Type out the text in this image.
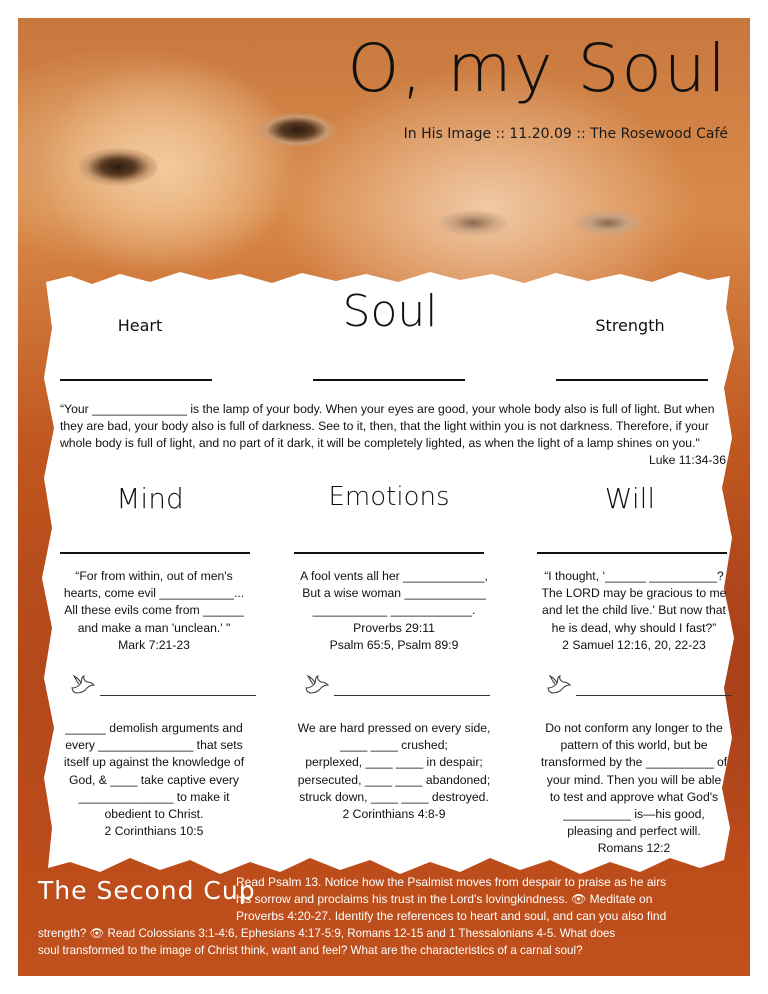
O, my Soul
In His Image :: 11.20.09 :: The Rosewood Café
Heart	Soul	Strength
“Your ______________ is the lamp of your body. When your eyes are good, your whole body also is full of light. But when
they are bad, your body also is full of darkness. See to it, then, that the light within you is not darkness. Therefore, if your
whole body is full of light, and no part of it dark, it will be completely lighted, as when the light of a lamp shines on you."
Luke 11:34-36
Mind	Emotions	Will
“For from within, out of men's
hearts, come evil ___________...
All these evils come from ______
and make a man 'unclean.' "
Mark 7:21-23
A fool vents all her ____________,
But a wise woman ____________
___________ ____________.
Proverbs 29:11
Psalm 65:5, Psalm 89:9
“I thought, ‘______ __________?
The LORD may be gracious to me
and let the child live.' But now that
he is dead, why should I fast?”
2 Samuel 12:16, 20, 22-23
______ demolish arguments and
every ______________ that sets
itself up against the knowledge of
God, & ____ take captive every
______________ to make it
obedient to Christ.
2 Corinthians 10:5
We are hard pressed on every side,
____ ____ crushed;
perplexed, ____ ____ in despair;
persecuted, ____ ____ abandoned;
struck down, ____ ____ destroyed.
2 Corinthians 4:8-9
Do not conform any longer to the
pattern of this world, but be
transformed by the __________ of
your mind. Then you will be able
to test and approve what God's
__________ is—his good,
pleasing and perfect will.
Romans 12:2
The Second Cup
Read Psalm 13. Notice how the Psalmist moves from despair to praise as he airs
his sorrow and proclaims his trust in the Lord's lovingkindness. 👁 Meditate on
Proverbs 4:20-27. Identify the references to heart and soul, and can you also find
strength? 👁 Read Colossians 3:1-4:6, Ephesians 4:17-5:9, Romans 12-15 and 1 Thessalonians 4-5. What does
soul transformed to the image of Christ think, want and feel? What are the characteristics of a carnal soul?
